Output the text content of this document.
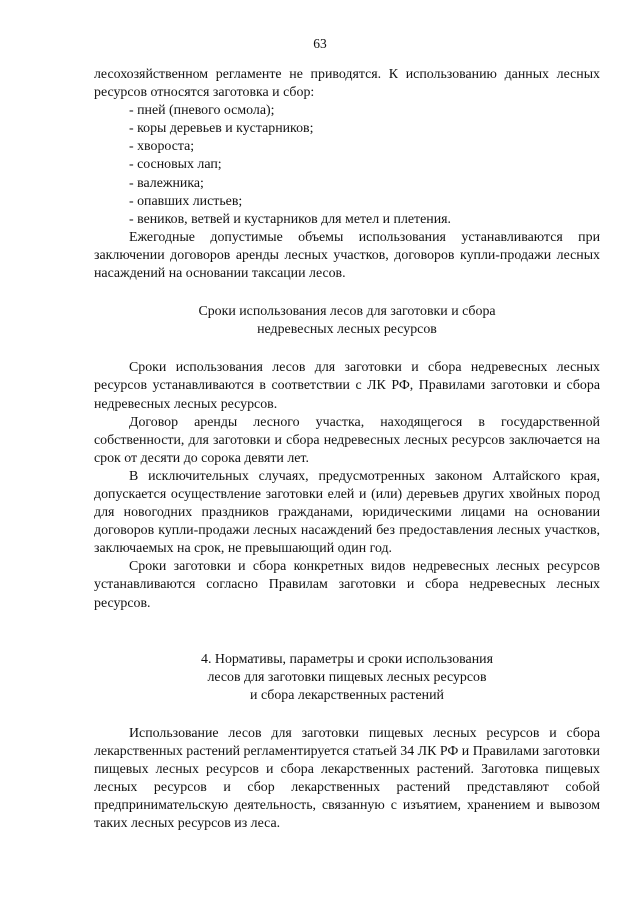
63

лесохозяйственном регламенте не приводятся. К использованию данных лесных ресурсов относятся заготовка и сбор:

- пней (пневого осмола);
- коры деревьев и кустарников;
- хвороста;
- сосновых лап;
- валежника;
- опавших листьев;
- веников, ветвей и кустарников для метел и плетения.

Ежегодные допустимые объемы использования устанавливаются при заключении договоров аренды лесных участков, договоров купли-продажи лесных насаждений на основании таксации лесов.

Сроки использования лесов для заготовки и сбора
недревесных лесных ресурсов

Сроки использования лесов для заготовки и сбора недревесных лесных ресурсов устанавливаются в соответствии с ЛК РФ, Правилами заготовки и сбора недревесных лесных ресурсов.

Договор аренды лесного участка, находящегося в государственной собственности, для заготовки и сбора недревесных лесных ресурсов заключается на срок от десяти до сорока девяти лет.

В исключительных случаях, предусмотренных законом Алтайского края, допускается осуществление заготовки елей и (или) деревьев других хвойных пород для новогодних праздников гражданами, юридическими лицами на основании договоров купли-продажи лесных насаждений без предоставления лесных участков, заключаемых на срок, не превышающий один год.

Сроки заготовки и сбора конкретных видов недревесных лесных ресурсов устанавливаются согласно Правилам заготовки и сбора недревесных лесных ресурсов.

4. Нормативы, параметры и сроки использования
лесов для заготовки пищевых лесных ресурсов
и сбора лекарственных растений

Использование лесов для заготовки пищевых лесных ресурсов и сбора лекарственных растений регламентируется статьей 34 ЛК РФ и Правилами заготовки пищевых лесных ресурсов и сбора лекарственных растений. Заготовка пищевых лесных ресурсов и сбор лекарственных растений представляют собой предпринимательскую деятельность, связанную с изъятием, хранением и вывозом таких лесных ресурсов из леса.
